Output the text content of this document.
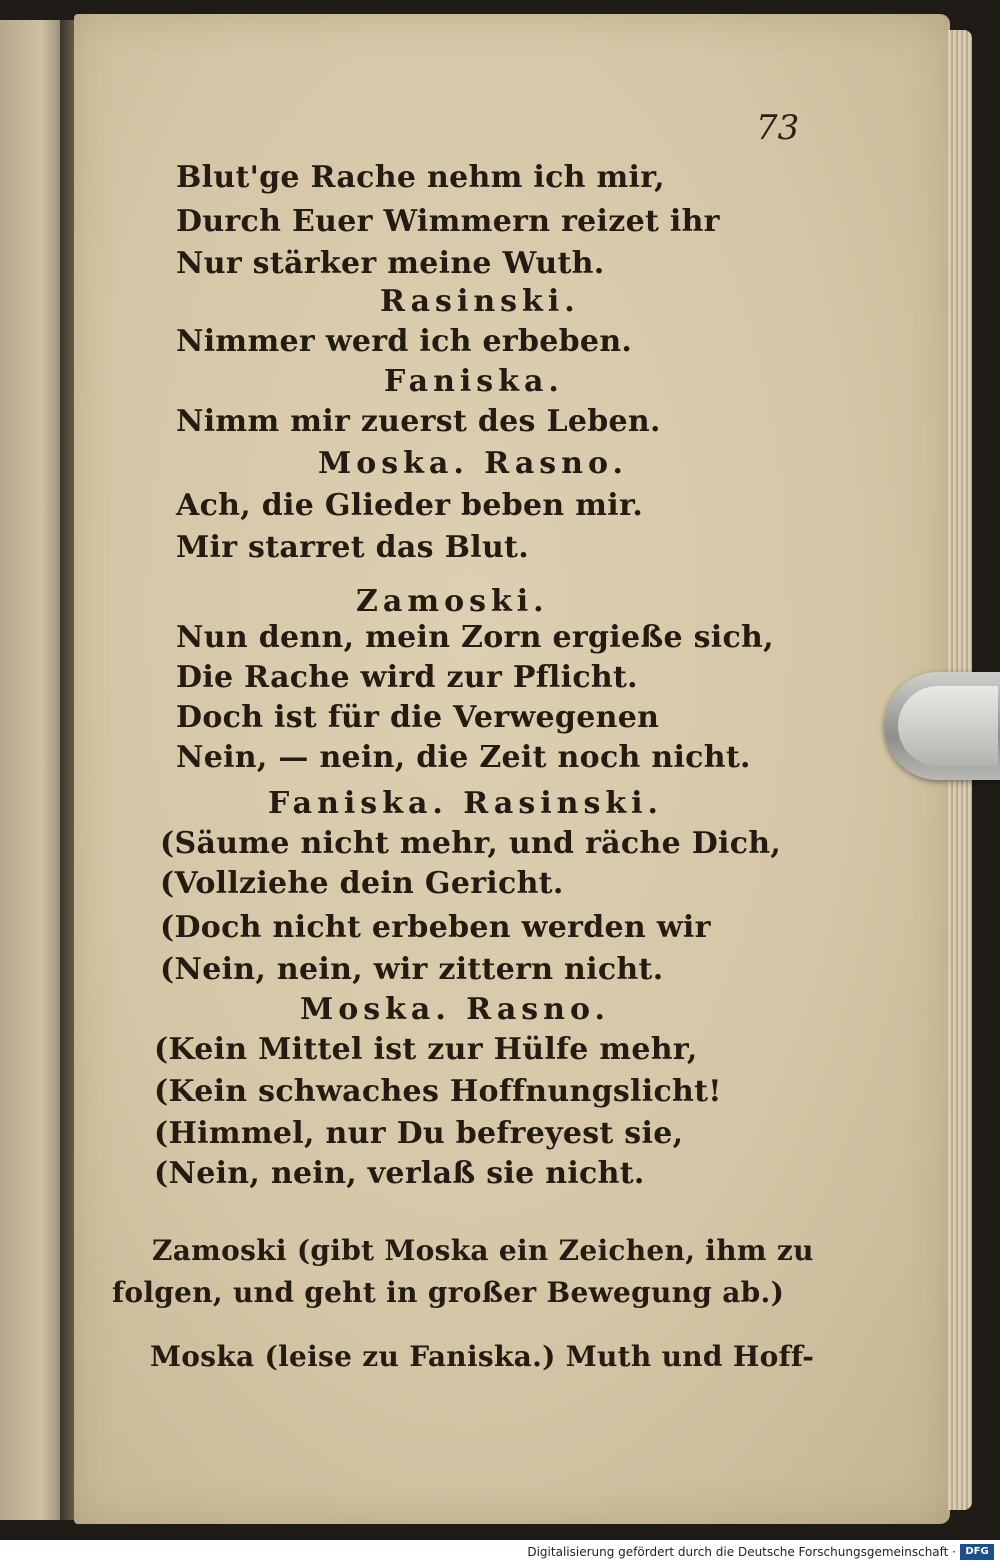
73
Blut'ge Rache nehm ich mir,
Durch Euer Wimmern reizet ihr
Nur stärker meine Wuth.
Rasinski.
Nimmer werd ich erbeben.
Faniska.
Nimm mir zuerst des Leben.
Moska. Rasno.
Ach, die Glieder beben mir.
Mir starret das Blut.
Zamoski.
Nun denn, mein Zorn ergieße sich,
Die Rache wird zur Pflicht.
Doch ist für die Verwegenen
Nein, — nein, die Zeit noch nicht.
Faniska. Rasinski.
(Säume nicht mehr, und räche Dich,
(Vollziehe dein Gericht.
(Doch nicht erbeben werden wir
(Nein, nein, wir zittern nicht.
Moska. Rasno.
(Kein Mittel ist zur Hülfe mehr,
(Kein schwaches Hoffnungslicht!
(Himmel, nur Du befreyest sie,
(Nein, nein, verlaß sie nicht.
Zamoski (gibt Moska ein Zeichen, ihm zu
folgen, und geht in großer Bewegung ab.)
Moska (leise zu Faniska.) Muth und Hoff-
Digitalisierung gefördert durch die Deutsche Forschungsgemeinschaft · DFG
